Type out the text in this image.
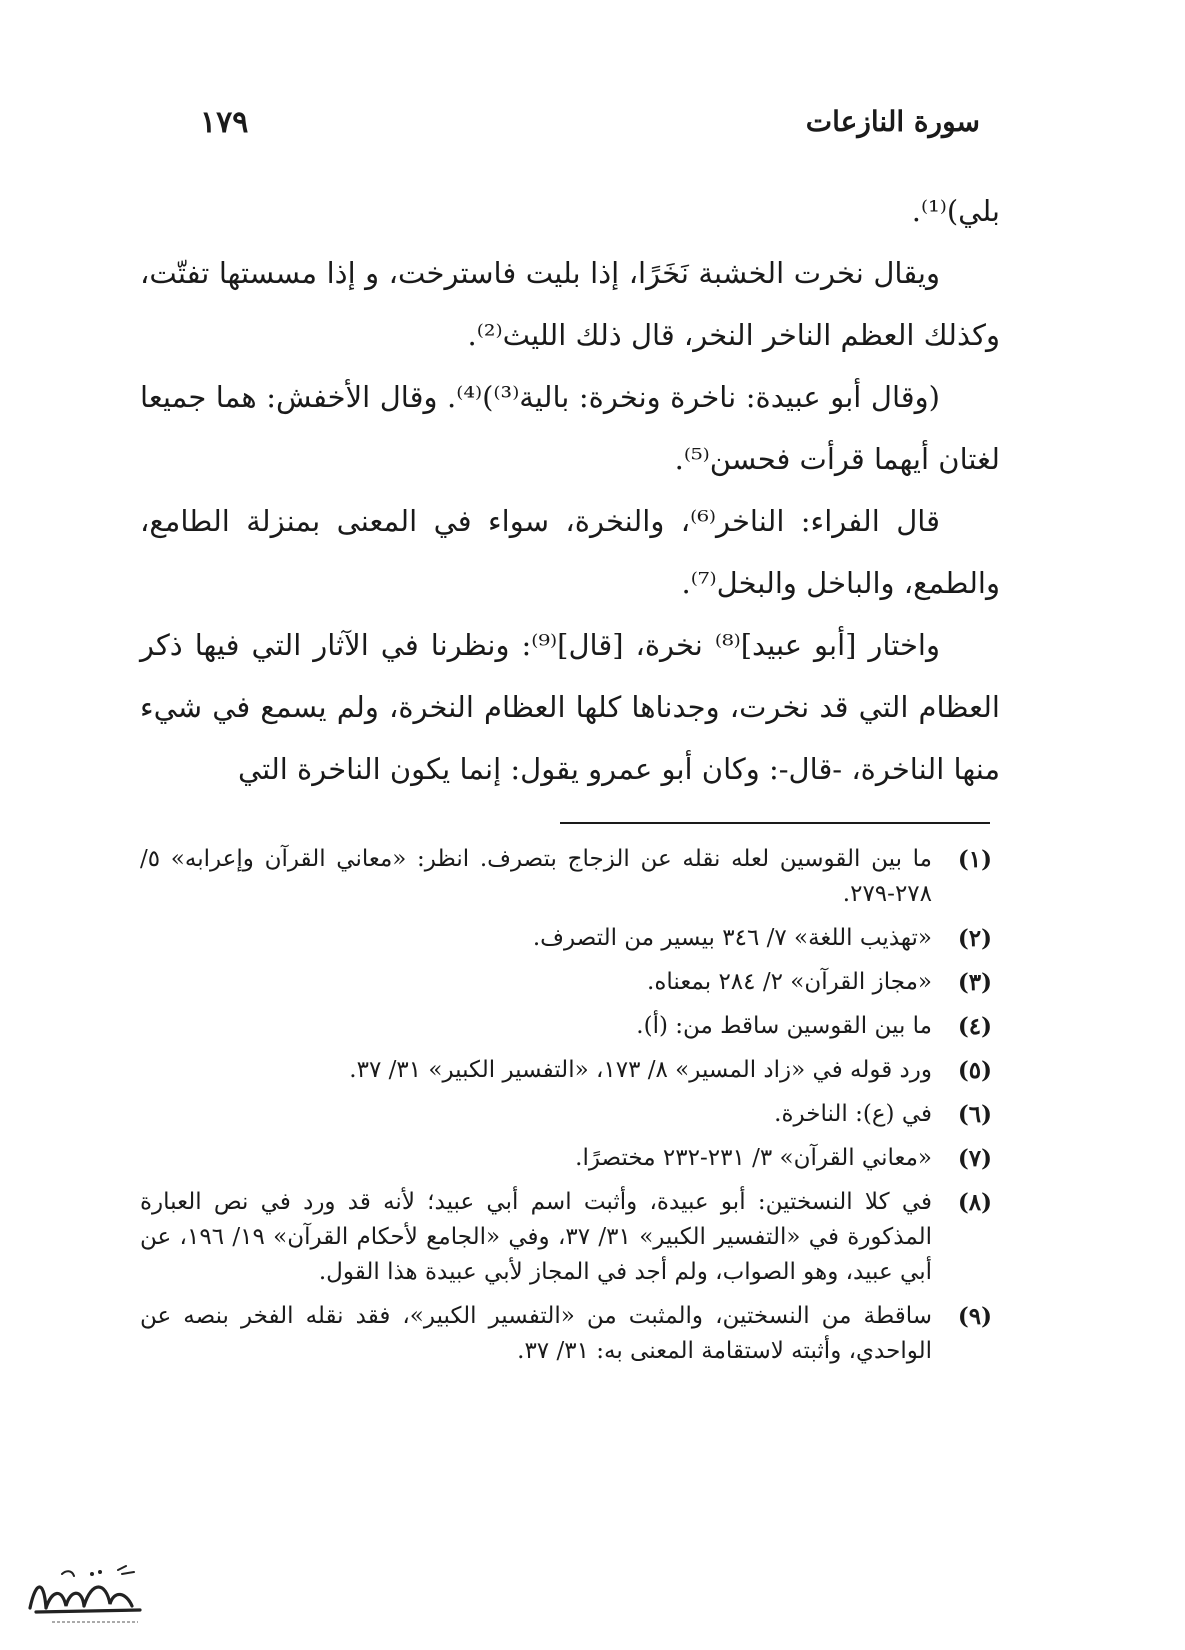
سورة النازعات
١٧٩

بلي)⁽¹⁾.

ويقال نخرت الخشبة نَخَرًا، إذا بليت فاسترخت، و إذا مسستها تفتّت، وكذلك العظم الناخر النخر، قال ذلك الليث⁽²⁾.

(وقال أبو عبيدة: ناخرة ونخرة: بالية⁽³⁾)⁽⁴⁾. وقال الأخفش: هما جميعا لغتان أيهما قرأت فحسن⁽⁵⁾.

قال الفراء: الناخر⁽⁶⁾، والنخرة، سواء في المعنى بمنزلة الطامع، والطمع، والباخل والبخل⁽⁷⁾.

واختار [أبو عبيد]⁽⁸⁾ نخرة، [قال]⁽⁹⁾: ونظرنا في الآثار التي فيها ذكر العظام التي قد نخرت، وجدناها كلها العظام النخرة، ولم يسمع في شيء منها الناخرة، -قال-: وكان أبو عمرو يقول: إنما يكون الناخرة التي

(١)
ما بين القوسين لعله نقله عن الزجاج بتصرف. انظر: «معاني القرآن وإعرابه» ٥/ ٢٧٨-٢٧٩.
(٢)
«تهذيب اللغة» ٧/ ٣٤٦ بيسير من التصرف.
(٣)
«مجاز القرآن» ٢/ ٢٨٤ بمعناه.
(٤)
ما بين القوسين ساقط من: (أ).
(٥)
ورد قوله في «زاد المسير» ٨/ ١٧٣، «التفسير الكبير» ٣١/ ٣٧.
(٦)
في (ع): الناخرة.
(٧)
«معاني القرآن» ٣/ ٢٣١-٢٣٢ مختصرًا.
(٨)
في كلا النسختين: أبو عبيدة، وأثبت اسم أبي عبيد؛ لأنه قد ورد في نص العبارة المذكورة في «التفسير الكبير» ٣١/ ٣٧، وفي «الجامع لأحكام القرآن» ١٩/ ١٩٦، عن أبي عبيد، وهو الصواب، ولم أجد في المجاز لأبي عبيدة هذا القول.
(٩)
ساقطة من النسختين، والمثبت من «التفسير الكبير»، فقد نقله الفخر بنصه عن الواحدي، وأثبته لاستقامة المعنى به: ٣١/ ٣٧.
